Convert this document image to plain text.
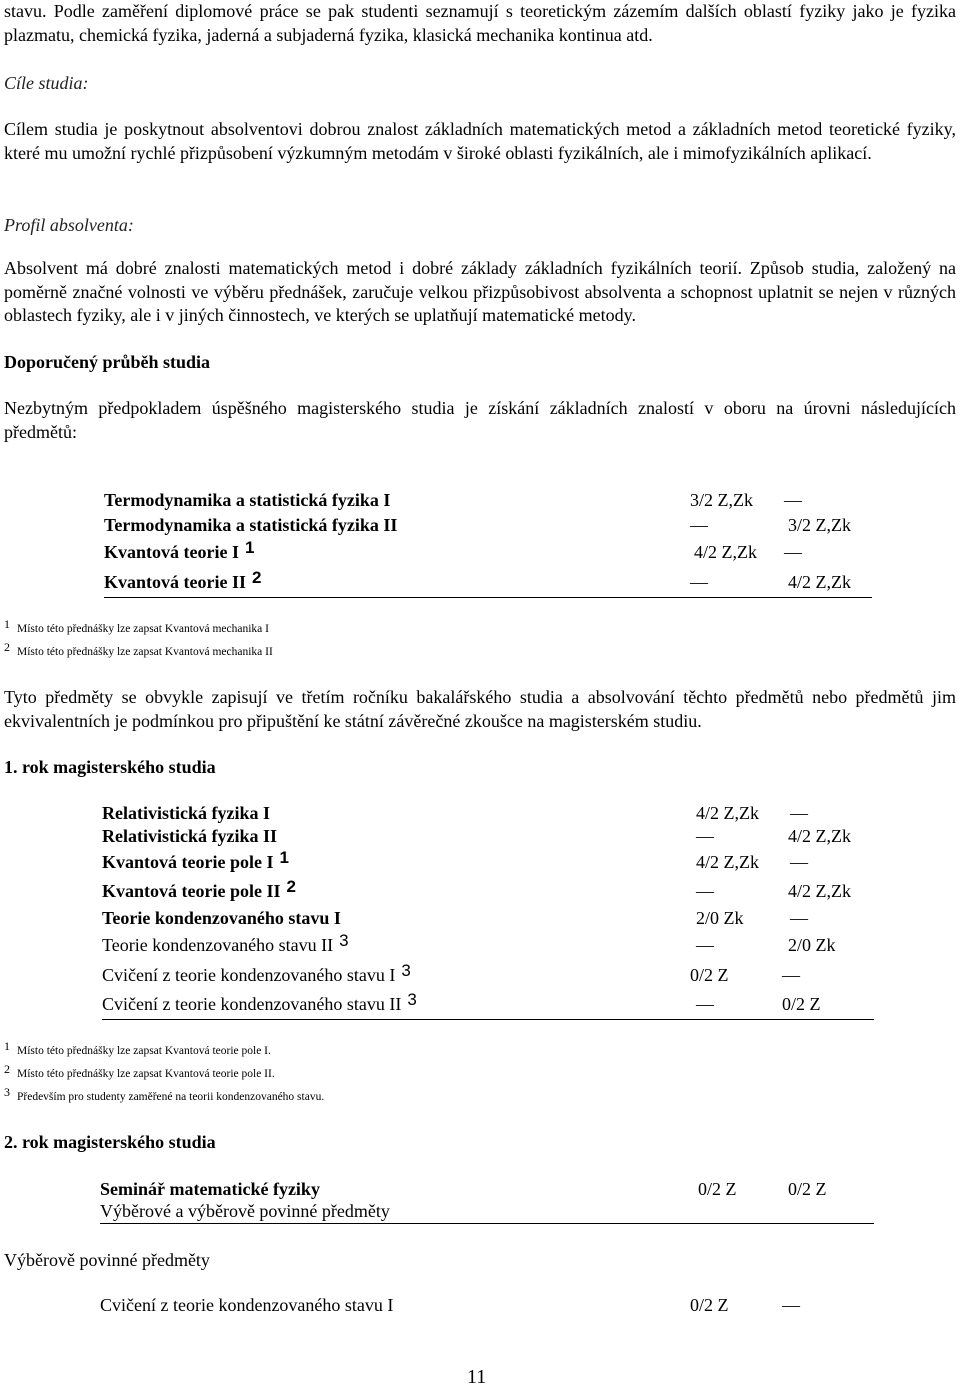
stavu. Podle zaměření diplomové práce se pak studenti seznamují s teoretickým zázemím dalších oblastí fyziky jako je fyzika plazmatu, chemická fyzika, jaderná a subjaderná fyzika, klasická mechanika kontinua atd.

Cíle studia:

Cílem studia je poskytnout absolventovi dobrou znalost základních matematických metod a základních metod teoretické fyziky, které mu umožní rychlé přizpůsobení výzkumným metodám v široké oblasti fyzikálních, ale i mimofyzikálních aplikací.

Profil absolventa:

Absolvent má dobré znalosti matematických metod i dobré základy základních fyzikálních teorií. Způsob studia, založený na poměrně značné volnosti ve výběru přednášek, zaručuje velkou přizpůsobivost absolventa a schopnost uplatnit se nejen v různých oblastech fyziky, ale i v jiných činnostech, ve kterých se uplatňují matematické metody.

Doporučený průběh studia

Nezbytným předpokladem úspěšného magisterského studia je získání základních znalostí v oboru na úrovni následujících předmětů:

Termodynamika a statistická fyzika I	3/2 Z,Zk —
Termodynamika a statistická fyzika II	—	3/2 Z,Zk
Kvantová teorie I 1	4/2 Z,Zk —
Kvantová teorie II 2	—	4/2 Z,Zk
1 Místo této přednášky lze zapsat Kvantová mechanika I
2 Místo této přednášky lze zapsat Kvantová mechanika II

Tyto předměty se obvykle zapisují ve třetím ročníku bakalářského studia a absolvování těchto předmětů nebo předmětů jim ekvivalentních je podmínkou pro připuštění ke státní závěrečné zkoušce na magisterském studiu.

1. rok magisterského studia

Relativistická fyzika I	4/2 Z,Zk —
Relativistická fyzika II	—	4/2 Z,Zk
Kvantová teorie pole I 1	4/2 Z,Zk —
Kvantová teorie pole II 2	—	4/2 Z,Zk
Teorie kondenzovaného stavu I	2/0 Zk	—
Teorie kondenzovaného stavu II 3	—	2/0 Zk
Cvičení z teorie kondenzovaného stavu I 3	0/2 Z	—
Cvičení z teorie kondenzovaného stavu II 3	—	0/2 Z
1 Místo této přednášky lze zapsat Kvantová teorie pole I.
2 Místo této přednášky lze zapsat Kvantová teorie pole II.
3 Především pro studenty zaměřené na teorii kondenzovaného stavu.

2. rok magisterského studia

Seminář matematické fyziky	0/2 Z	0/2 Z
Výběrové a výběrově povinné předměty

Výběrově povinné předměty

Cvičení z teorie kondenzovaného stavu I	0/2 Z	—
11
